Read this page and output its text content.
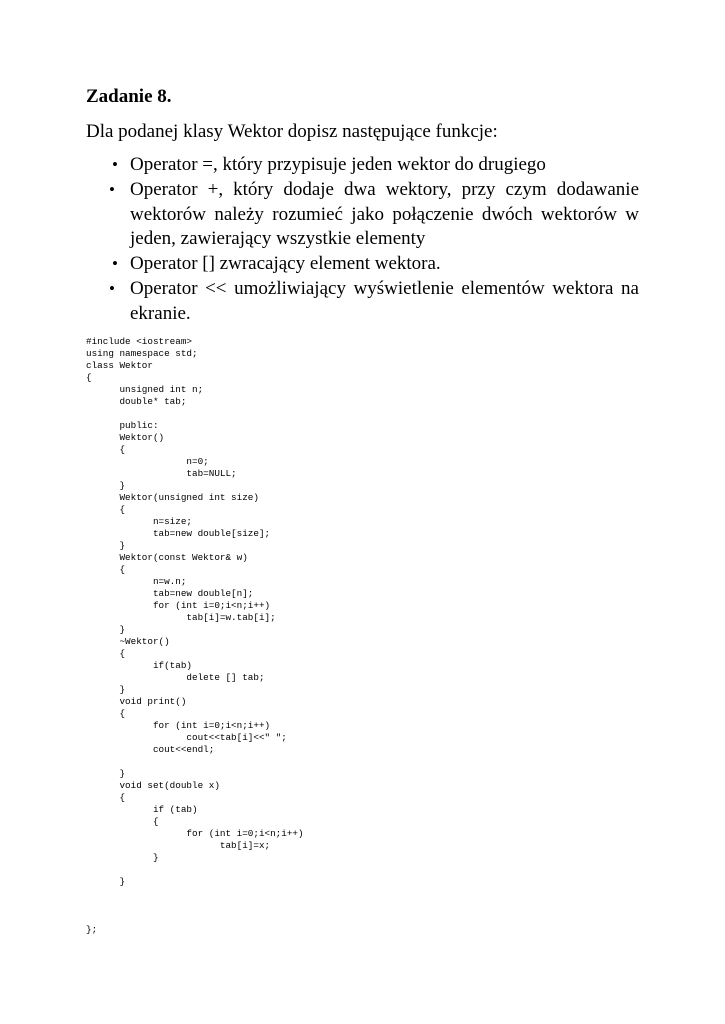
Zadanie 8.

Dla podanej klasy Wektor dopisz następujące funkcje:

• Operator =, który przypisuje jeden wektor do drugiego
• Operator +, który dodaje dwa wektory, przy czym dodawanie wektorów należy rozumieć jako połączenie dwóch wektorów w jeden, zawierający wszystkie elementy
• Operator [] zwracający element wektora.
• Operator << umożliwiający wyświetlenie elementów wektora na ekranie.
#include <iostream>
using namespace std;
class Wektor
{
unsigned int n;
double* tab;
public:
Wektor()
{
n=0;
tab=NULL;
}
Wektor(unsigned int size)
{
n=size;
tab=new double[size];
}
Wektor(const Wektor& w)
{
n=w.n;
tab=new double[n];
for (int i=0;i<n;i++)
tab[i]=w.tab[i];
}
~Wektor()
{
if(tab)
delete [] tab;
}
void print()
{
for (int i=0;i<n;i++)
cout<<tab[i]<<" ";
cout<<endl;
}
void set(double x)
{
if (tab)
{
for (int i=0;i<n;i++)
tab[i]=x;
}
}
};
